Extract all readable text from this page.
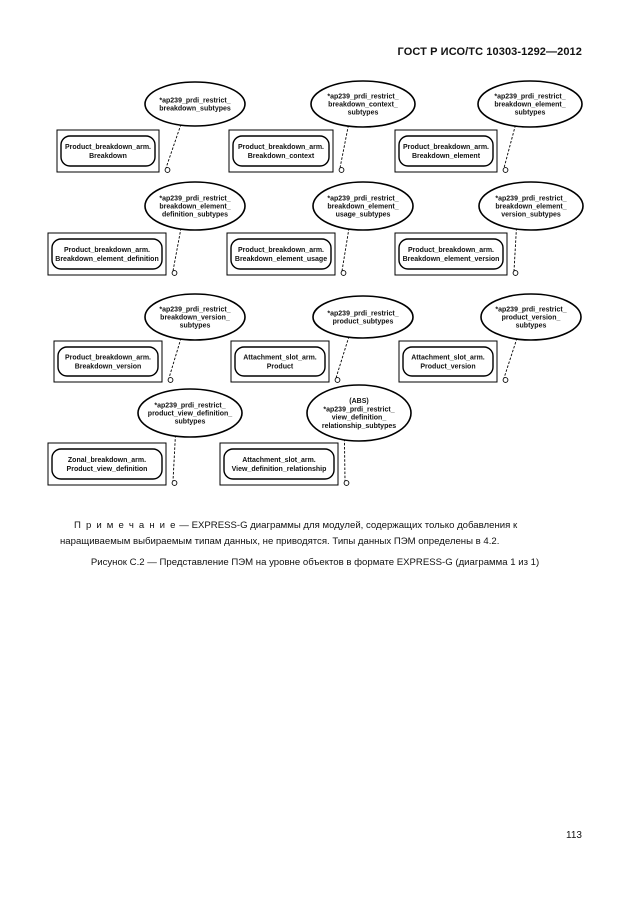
ГОСТ Р ИСО/ТС 10303-1292—2012
Product_breakdown_arm.
Breakdown
Product_breakdown_arm.
Breakdown_context
Product_breakdown_arm.
Breakdown_element
Product_breakdown_arm.
Breakdown_element_definition
Product_breakdown_arm.
Breakdown_element_usage
Product_breakdown_arm.
Breakdown_element_version
Product_breakdown_arm.
Breakdown_version
Attachment_slot_arm.
Product
Attachment_slot_arm.
Product_version
Zonal_breakdown_arm.
Product_view_definition
Attachment_slot_arm.
View_definition_relationship
*ap239_prdi_restrict_
breakdown_subtypes
*ap239_prdi_restrict_
breakdown_context_
subtypes
*ap239_prdi_restrict_
breakdown_element_
subtypes
*ap239_prdi_restrict_
breakdown_element_
definition_subtypes
*ap239_prdi_restrict_
breakdown_element_
usage_subtypes
*ap239_prdi_restrict_
breakdown_element_
version_subtypes
*ap239_prdi_restrict_
breakdown_version_
subtypes
*ap239_prdi_restrict_
product_subtypes
*ap239_prdi_restrict_
product_version_
subtypes
*ap239_prdi_restrict_
product_view_definition_
subtypes
(ABS)
*ap239_prdi_restrict_
view_definition_
relationship_subtypes
П р и м е ч а н и е — EXPRESS-G диаграммы для модулей, содержащих только добавления к наращиваемым выбираемым типам данных, не приводятся. Типы данных ПЭМ определены в 4.2.
Рисунок С.2 — Представление ПЭМ на уровне объектов в формате EXPRESS-G (диаграмма 1 из 1)
113
